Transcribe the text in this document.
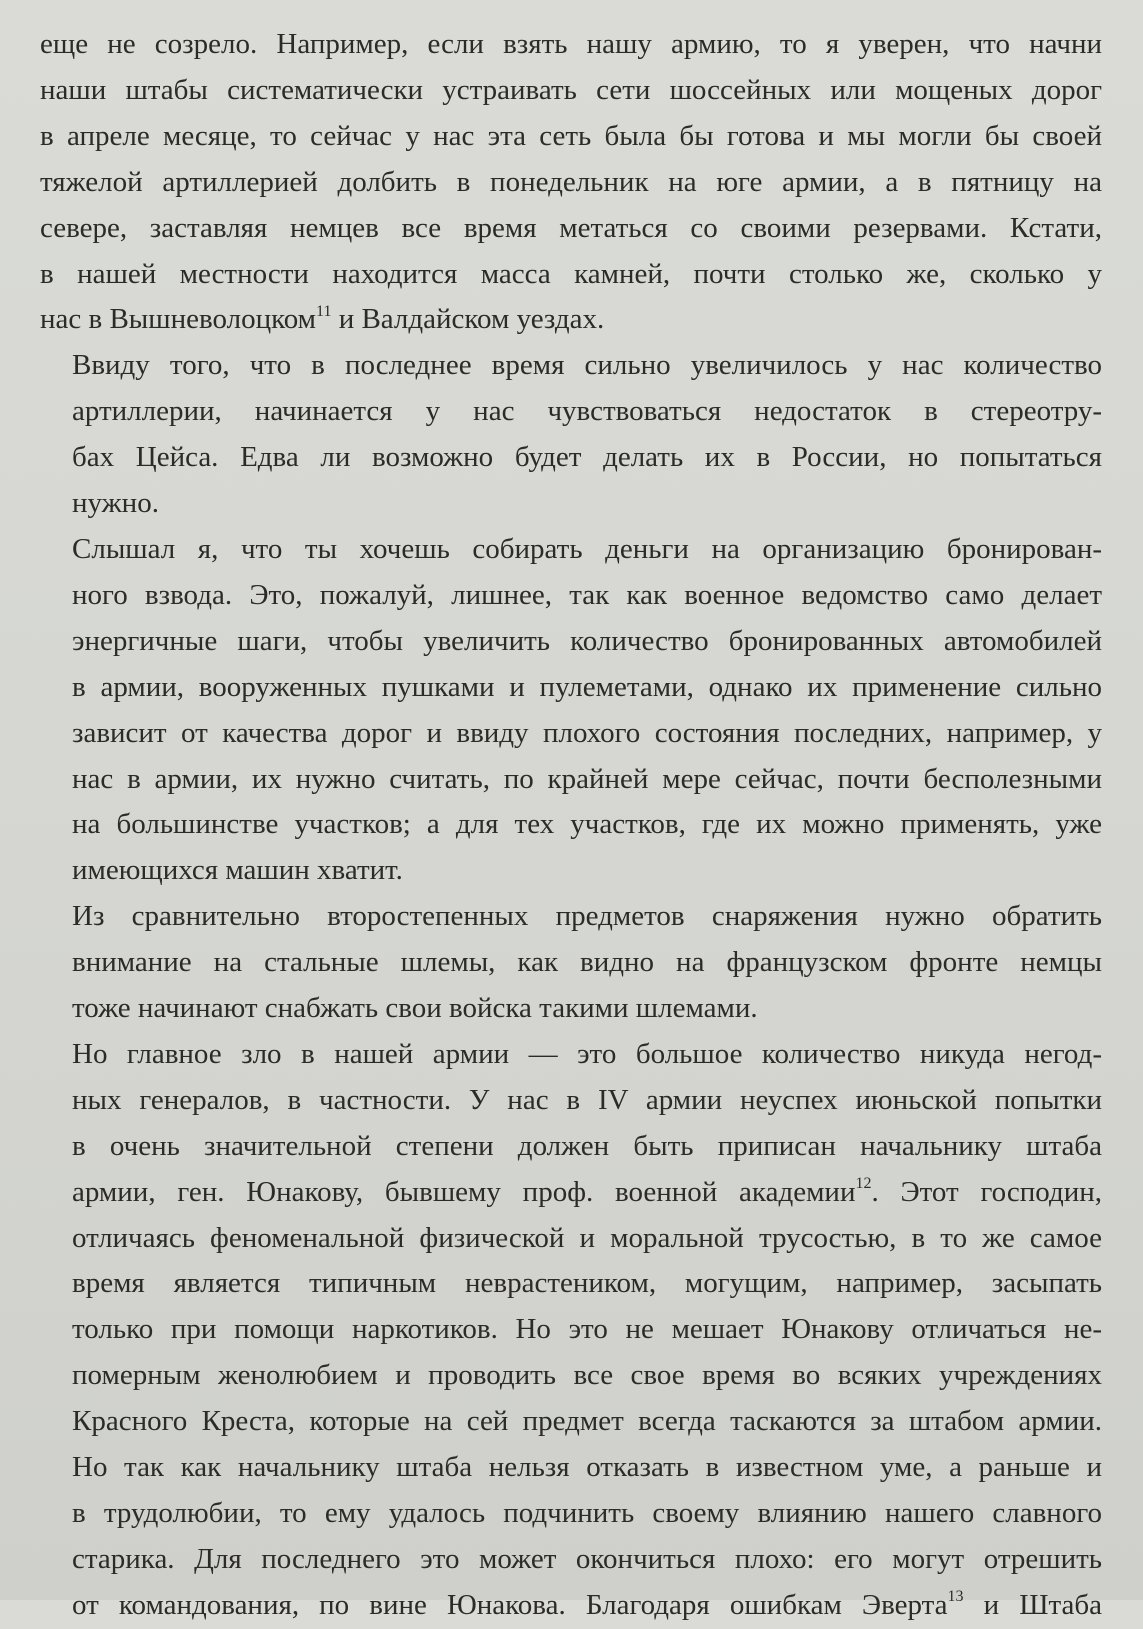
еще не созрело. Например, если взять нашу армию, то я уверен, что начни
наши штабы систематически устраивать сети шоссейных или мощеных дорог
в апреле месяце, то сейчас у нас эта сеть была бы готова и мы могли бы своей
тяжелой артиллерией долбить в понедельник на юге армии, а в пятницу на
севере, заставляя немцев все время метаться со своими резервами. Кстати,
в нашей местности находится масса камней, почти столько же, сколько у
нас в Вышневолоцком$^{11}$ и Валдайском уездах.
Ввиду того, что в последнее время сильно увеличилось у нас количество
артиллерии, начинается у нас чувствоваться недостаток в стереотру-
бах Цейса. Едва ли возможно будет делать их в России, но попытаться
нужно.
Слышал я, что ты хочешь собирать деньги на организацию бронирован-
ного взвода. Это, пожалуй, лишнее, так как военное ведомство само делает
энергичные шаги, чтобы увеличить количество бронированных автомобилей
в армии, вооруженных пушками и пулеметами, однако их применение сильно
зависит от качества дорог и ввиду плохого состояния последних, например, у
нас в армии, их нужно считать, по крайней мере сейчас, почти бесполезными
на большинстве участков; а для тех участков, где их можно применять, уже
имеющихся машин хватит.
Из сравнительно второстепенных предметов снаряжения нужно обратить
внимание на стальные шлемы, как видно на французском фронте немцы
тоже начинают снабжать свои войска такими шлемами.
Но главное зло в нашей армии — это большое количество никуда негод-
ных генералов, в частности. У нас в IV армии неуспех июньской попытки
в очень значительной степени должен быть приписан начальнику штаба
армии, ген. Юнакову, бывшему проф. военной академии$^{12}$. Этот господин,
отличаясь феноменальной физической и моральной трусостью, в то же самое
время является типичным неврастеником, могущим, например, засыпать
только при помощи наркотиков. Но это не мешает Юнакову отличаться не-
померным женолюбием и проводить все свое время во всяких учреждениях
Красного Креста, которые на сей предмет всегда таскаются за штабом армии.
Но так как начальнику штаба нельзя отказать в известном уме, а раньше и
в трудолюбии, то ему удалось подчинить своему влиянию нашего славного
старика. Для последнего это может окончиться плохо: его могут отрешить
от командования, по вине Юнакова. Благодаря ошибкам Эверта$^{13}$ и Штаба
